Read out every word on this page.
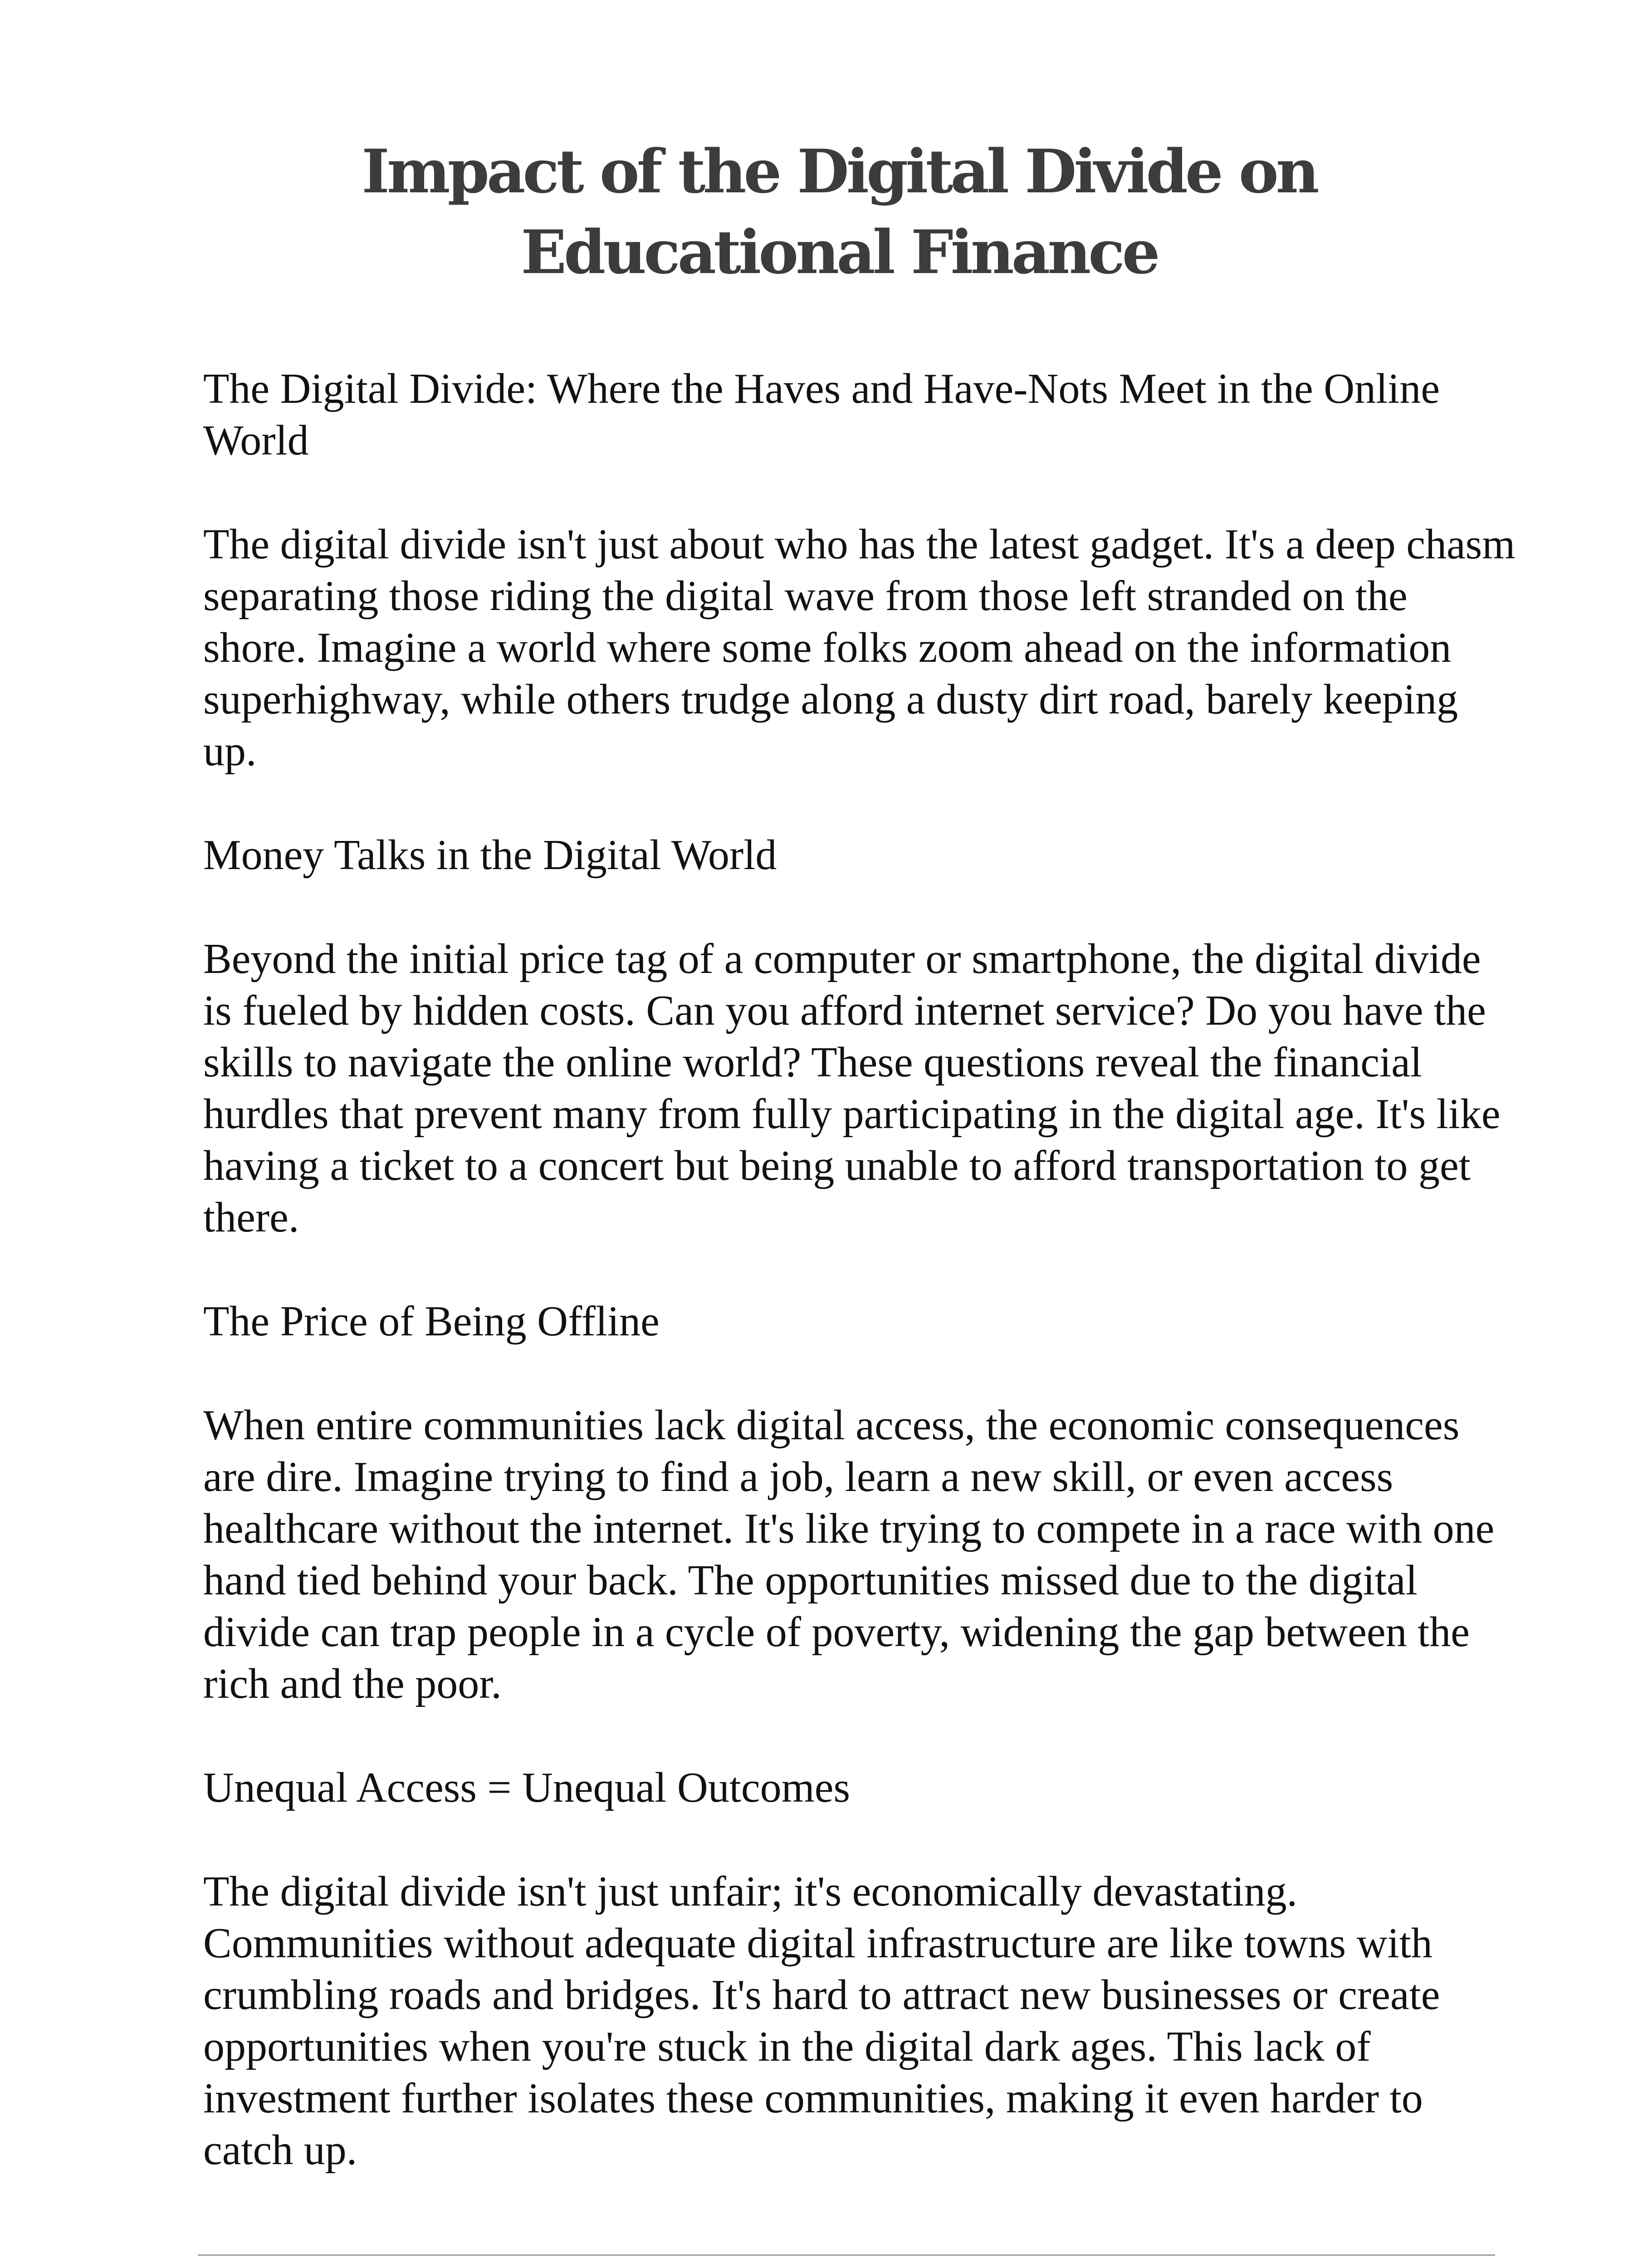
Impact of the Digital Divide on
Educational Finance

The Digital Divide: Where the Haves and Have-Nots Meet in the Online World

The digital divide isn't just about who has the latest gadget. It's a deep chasm separating those riding the digital wave from those left stranded on the shore. Imagine a world where some folks zoom ahead on the information superhighway, while others trudge along a dusty dirt road, barely keeping up.

Money Talks in the Digital World

Beyond the initial price tag of a computer or smartphone, the digital divide is fueled by hidden costs. Can you afford internet service? Do you have the skills to navigate the online world? These questions reveal the financial hurdles that prevent many from fully participating in the digital age. It's like having a ticket to a concert but being unable to afford transportation to get there.

The Price of Being Offline

When entire communities lack digital access, the economic consequences are dire. Imagine trying to find a job, learn a new skill, or even access healthcare without the internet. It's like trying to compete in a race with one hand tied behind your back. The opportunities missed due to the digital divide can trap people in a cycle of poverty, widening the gap between the rich and the poor.

Unequal Access = Unequal Outcomes

The digital divide isn't just unfair; it's economically devastating. Communities without adequate digital infrastructure are like towns with crumbling roads and bridges. It's hard to attract new businesses or create opportunities when you're stuck in the digital dark ages. This lack of investment further isolates these communities, making it even harder to catch up.
